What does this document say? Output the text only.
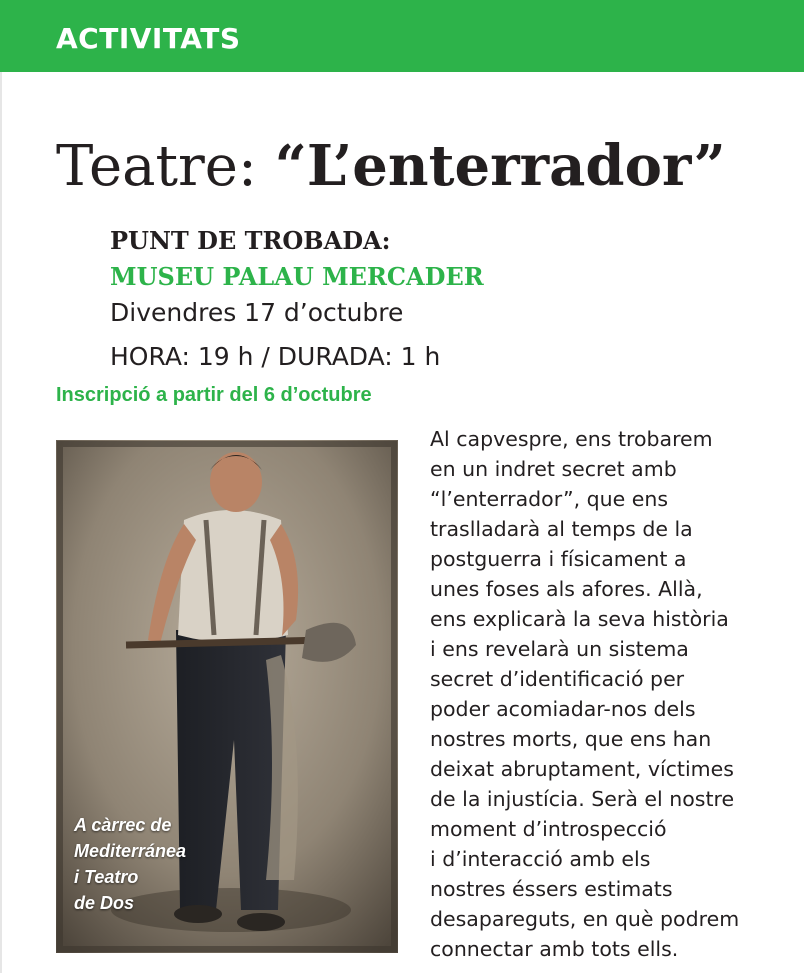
ACTIVITATS
Teatre: “L’enterrador”
PUNT DE TROBADA:
MUSEU PALAU MERCADER
Divendres 17 d’octubre
HORA: 19 h / DURADA: 1 h
Inscripció a partir del 6 d’octubre
A càrrec de
Mediterránea
i Teatro
de Dos
Al capvespre, ens trobarem
en un indret secret amb
“l’enterrador”, que ens
traslladarà al temps de la
postguerra i físicament a
unes foses als afores. Allà,
ens explicarà la seva història
i ens revelarà un sistema
secret d’identificació per
poder acomiadar-nos dels
nostres morts, que ens han
deixat abruptament, víctimes
de la injustícia. Serà el nostre
moment d’introspecció
i d’interacció amb els
nostres éssers estimats
desapareguts, en què podrem
connectar amb tots ells.
